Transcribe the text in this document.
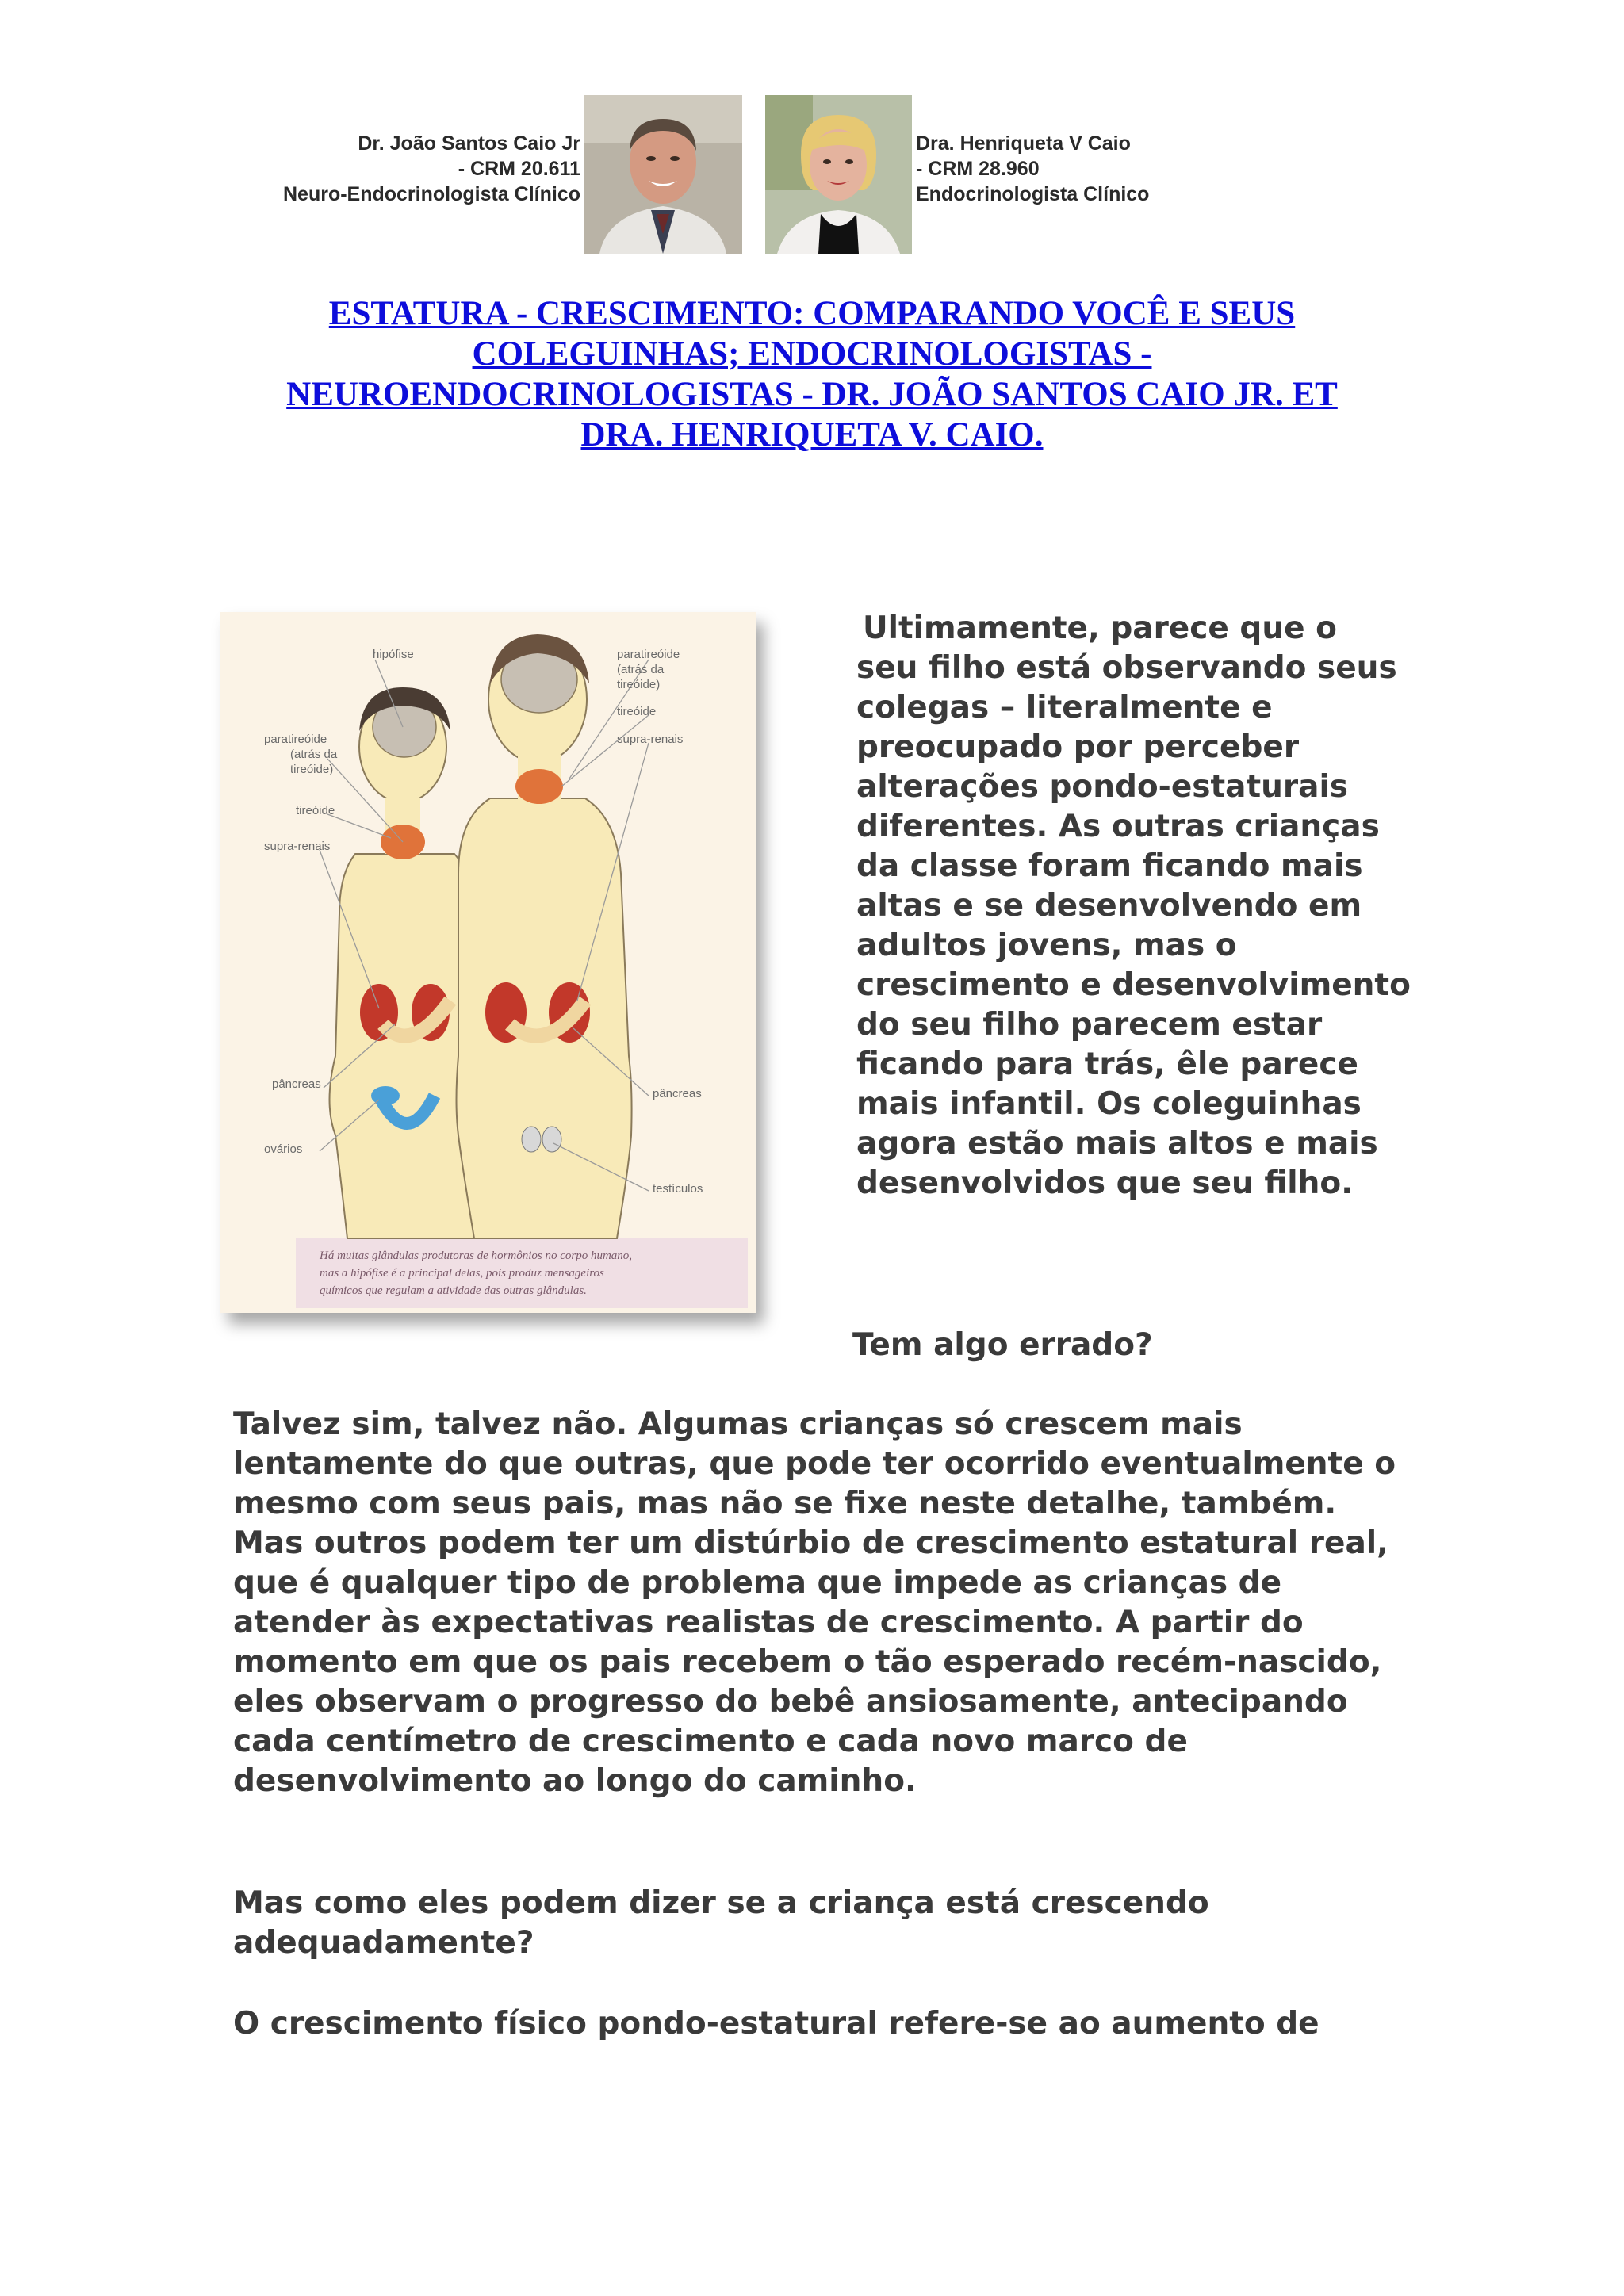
Dr. João Santos Caio Jr
- CRM 20.611
Neuro-Endocrinologista Clínico
Dra. Henriqueta V Caio
- CRM 28.960
Endocrinologista Clínico
ESTATURA - CRESCIMENTO: COMPARANDO VOCÊ E SEUS
COLEGUINHAS; ENDOCRINOLOGISTAS -
NEUROENDOCRINOLOGISTAS - DR. JOÃO SANTOS CAIO JR. ET
DRA. HENRIQUETA V. CAIO.
hipófise	paratireóide
(atrás da
tireóide)
tireóide
supra-renais
paratireóide
(atrás da
tireóide)
tireóide
supra-renais
pâncreas
pâncreas
ovários
testículos
Há muitas glândulas produtoras de hormônios no corpo humano,
mas a hipófise é a principal delas, pois produz mensageiros
químicos que regulam a atividade das outras glândulas.
Ultimamente, parece que o
seu filho está observando seus colegas – literalmente e preocupado por perceber alterações pondo-estaturais diferentes. As outras crianças da classe foram ficando mais altas e se desenvolvendo em adultos jovens, mas o crescimento e desenvolvimento do seu filho parecem estar ficando para trás, êle parece mais infantil. Os coleguinhas agora estão mais altos e mais desenvolvidos que seu filho.
Tem algo errado?
Talvez sim, talvez não. Algumas crianças só crescem mais lentamente do que outras, que pode ter ocorrido eventualmente o mesmo com seus pais, mas não se fixe neste detalhe, também. Mas outros podem ter um distúrbio de crescimento estatural real, que é qualquer tipo de problema que impede as crianças de atender às expectativas realistas de crescimento. A partir do momento em que os pais recebem o tão esperado recém-nascido, eles observam o progresso do bebê ansiosamente, antecipando cada centímetro de crescimento e cada novo marco de desenvolvimento ao longo do caminho.
Mas como eles podem dizer se a criança está crescendo adequadamente?
O crescimento físico pondo-estatural refere-se ao aumento de
